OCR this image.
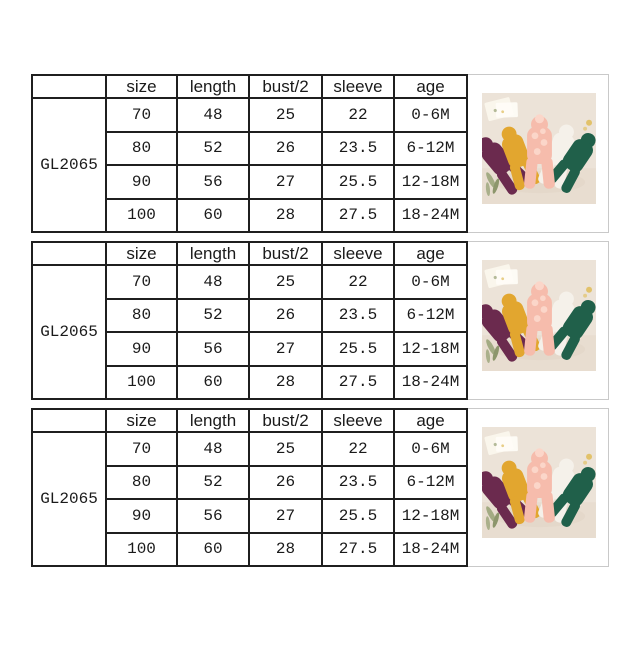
	size	length	bust/2	sleeve	age
GL2065	70	48	25	22	0-6M
	80	52	26	23.5	6-12M
	90	56	27	25.5	12-18M
	100	60	28	27.5	18-24M
	size	length	bust/2	sleeve	age
GL2065	70	48	25	22	0-6M
	80	52	26	23.5	6-12M
	90	56	27	25.5	12-18M
	100	60	28	27.5	18-24M
	size	length	bust/2	sleeve	age
GL2065	70	48	25	22	0-6M
	80	52	26	23.5	6-12M
	90	56	27	25.5	12-18M
	100	60	28	27.5	18-24M
